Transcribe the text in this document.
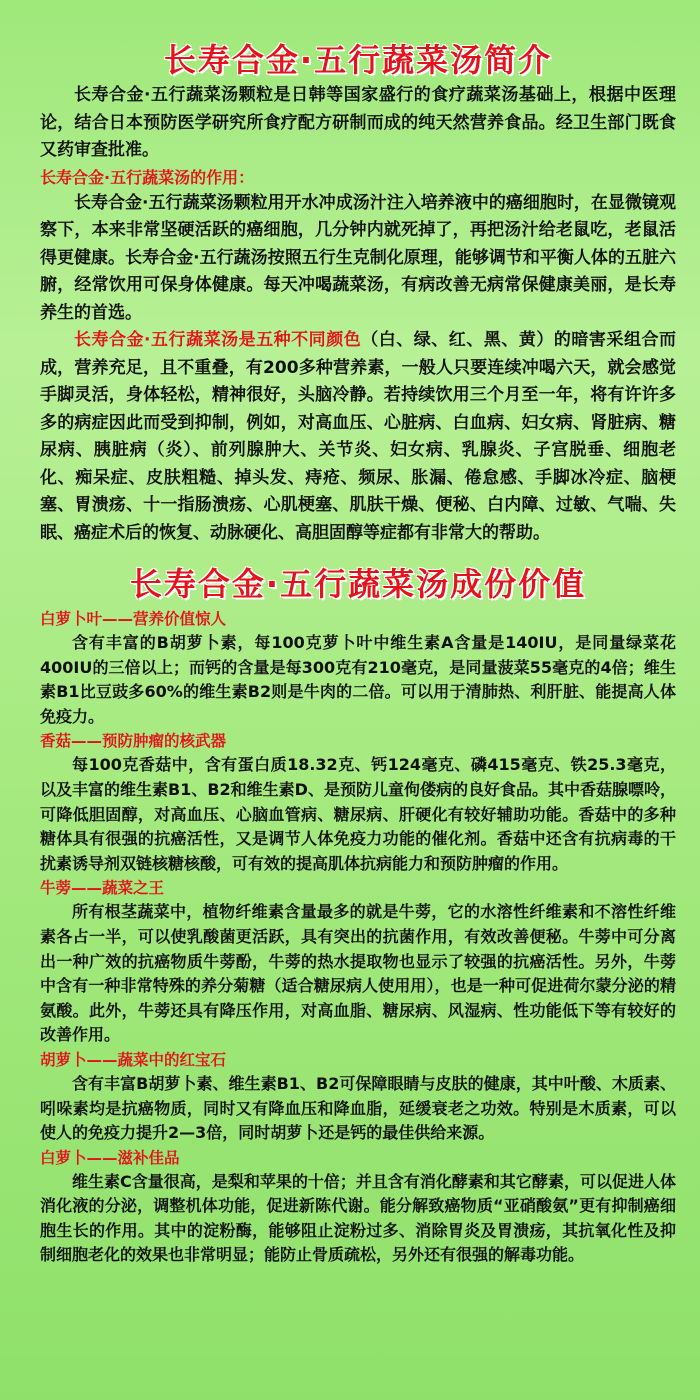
长寿合金·五行蔬菜汤简介

长寿合金·五行蔬菜汤颗粒是日韩等国家盛行的食疗蔬菜汤基础上，根据中医理论，结合日本预防医学研究所食疗配方研制而成的纯天然营养食品。经卫生部门既食又药审查批准。

长寿合金·五行蔬菜汤的作用：

长寿合金·五行蔬菜汤颗粒用开水冲成汤汁注入培养液中的癌细胞时，在显微镜观察下，本来非常坚硬活跃的癌细胞，几分钟内就死掉了，再把汤汁给老鼠吃，老鼠活得更健康。长寿合金·五行蔬汤按照五行生克制化原理，能够调节和平衡人体的五脏六腑，经常饮用可保身体健康。每天冲喝蔬菜汤，有病改善无病常保健康美丽，是长寿养生的首选。

长寿合金·五行蔬菜汤是五种不同颜色（白、绿、红、黑、黄）的暗害采组合而成，营养充足，且不重叠，有200多种营养素，一般人只要连续冲喝六天，就会感觉手脚灵活，身体轻松，精神很好，头脑冷静。若持续饮用三个月至一年，将有许许多多的病症因此而受到抑制，例如，对高血压、心脏病、白血病、妇女病、肾脏病、糖尿病、胰脏病（炎）、前列腺肿大、关节炎、妇女病、乳腺炎、子宫脱垂、细胞老化、痴呆症、皮肤粗糙、掉头发、痔疮、频尿、胀漏、倦怠感、手脚冰冷症、脑梗塞、胃溃疡、十一指肠溃疡、心肌梗塞、肌肤干燥、便秘、白内障、过敏、气喘、失眠、癌症术后的恢复、动脉硬化、高胆固醇等症都有非常大的帮助。

长寿合金·五行蔬菜汤成份价值
白萝卜叶——营养价值惊人

含有丰富的B胡萝卜素，每100克萝卜叶中维生素A含量是140IU，是同量绿菜花400IU的三倍以上；而钙的含量是每300克有210毫克，是同量菠菜55毫克的4倍；维生素B1比豆豉多60%的维生素B2则是牛肉的二倍。可以用于清肺热、利肝脏、能提高人体免疫力。

香菇——预防肿瘤的核武器

每100克香菇中，含有蛋白质18.32克、钙124毫克、磷415毫克、铁25.3毫克，以及丰富的维生素B1、B2和维生素D、是预防儿童佝偻病的良好食品。其中香菇腺嘌呤，可降低胆固醇，对高血压、心脑血管病、糖尿病、肝硬化有较好辅助功能。香菇中的多种糖体具有很强的抗癌活性，又是调节人体免疫力功能的催化剂。香菇中还含有抗病毒的干扰素诱导剂双链核糖核酸，可有效的提高肌体抗病能力和预防肿瘤的作用。

牛蒡——蔬菜之王

所有根茎蔬菜中，植物纤维素含量最多的就是牛蒡，它的水溶性纤维素和不溶性纤维素各占一半，可以使乳酸菌更活跃，具有突出的抗菌作用，有效改善便秘。牛蒡中可分离出一种广效的抗癌物质牛蒡酚，牛蒡的热水提取物也显示了较强的抗癌活性。另外，牛蒡中含有一种非常特殊的养分菊糖（适合糖尿病人使用用），也是一种可促进荷尔蒙分泌的精氨酸。此外，牛蒡还具有降压作用，对高血脂、糖尿病、风湿病、性功能低下等有较好的改善作用。

胡萝卜——蔬菜中的红宝石

含有丰富B胡萝卜素、维生素B1、B2可保障眼睛与皮肤的健康，其中叶酸、木质素、吲哚素均是抗癌物质，同时又有降血压和降血脂，延缓衰老之功效。特别是木质素，可以使人的免疫力提升2—3倍，同时胡萝卜还是钙的最佳供给来源。

白萝卜——滋补佳品

维生素C含量很高，是梨和苹果的十倍；并且含有消化酵素和其它酵素，可以促进人体消化液的分泌，调整机体功能，促进新陈代谢。能分解致癌物质“亚硝酸氨”更有抑制癌细胞生长的作用。其中的淀粉酶，能够阻止淀粉过多、消除胃炎及胃溃疡，其抗氧化性及抑制细胞老化的效果也非常明显；能防止骨质疏松，另外还有很强的解毒功能。
